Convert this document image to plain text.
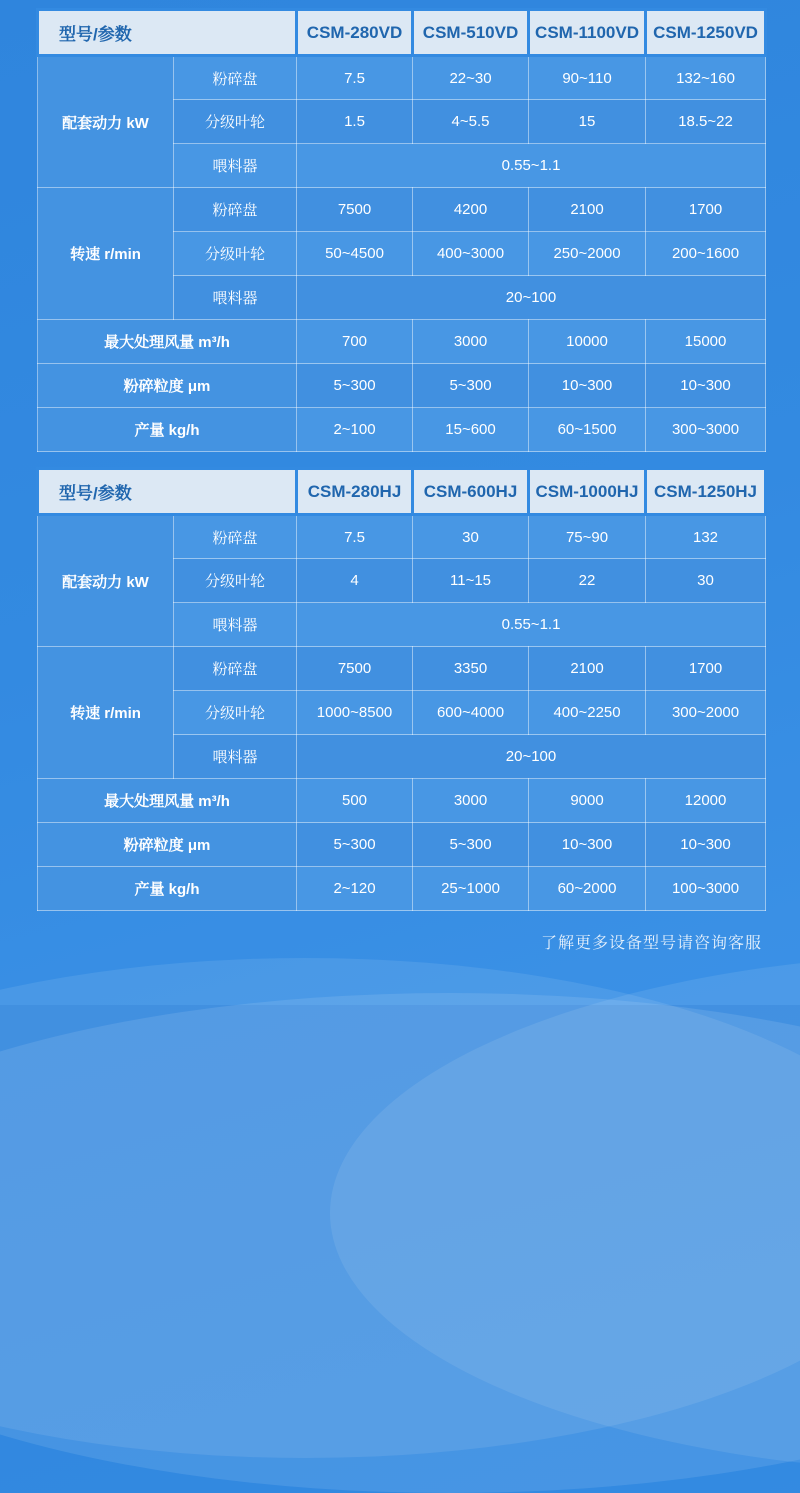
型号/参数		CSM-280VD	CSM-510VD	CSM-1100VD	CSM-1250VD
配套动力 kW	粉碎盘	7.5	22~30	90~110	132~160
	分级叶轮	1.5	4~5.5	15	18.5~22
	喂料器	0.55~1.1			
转速 r/min	粉碎盘	7500	4200	2100	1700
	分级叶轮	50~4500	400~3000	250~2000	200~1600
	喂料器	20~100			
最大处理风量 m³/h		700	3000	10000	15000
粉碎粒度 μm		5~300	5~300	10~300	10~300
产量 kg/h		2~100	15~600	60~1500	300~3000
型号/参数		CSM-280HJ	CSM-600HJ	CSM-1000HJ	CSM-1250HJ
配套动力 kW	粉碎盘	7.5	30	75~90	132
	分级叶轮	4	11~15	22	30
	喂料器	0.55~1.1			
转速 r/min	粉碎盘	7500	3350	2100	1700
	分级叶轮	1000~8500	600~4000	400~2250	300~2000
	喂料器	20~100			
最大处理风量 m³/h		500	3000	9000	12000
粉碎粒度 μm		5~300	5~300	10~300	10~300
产量 kg/h		2~120	25~1000	60~2000	100~3000
了解更多设备型号请咨询客服
